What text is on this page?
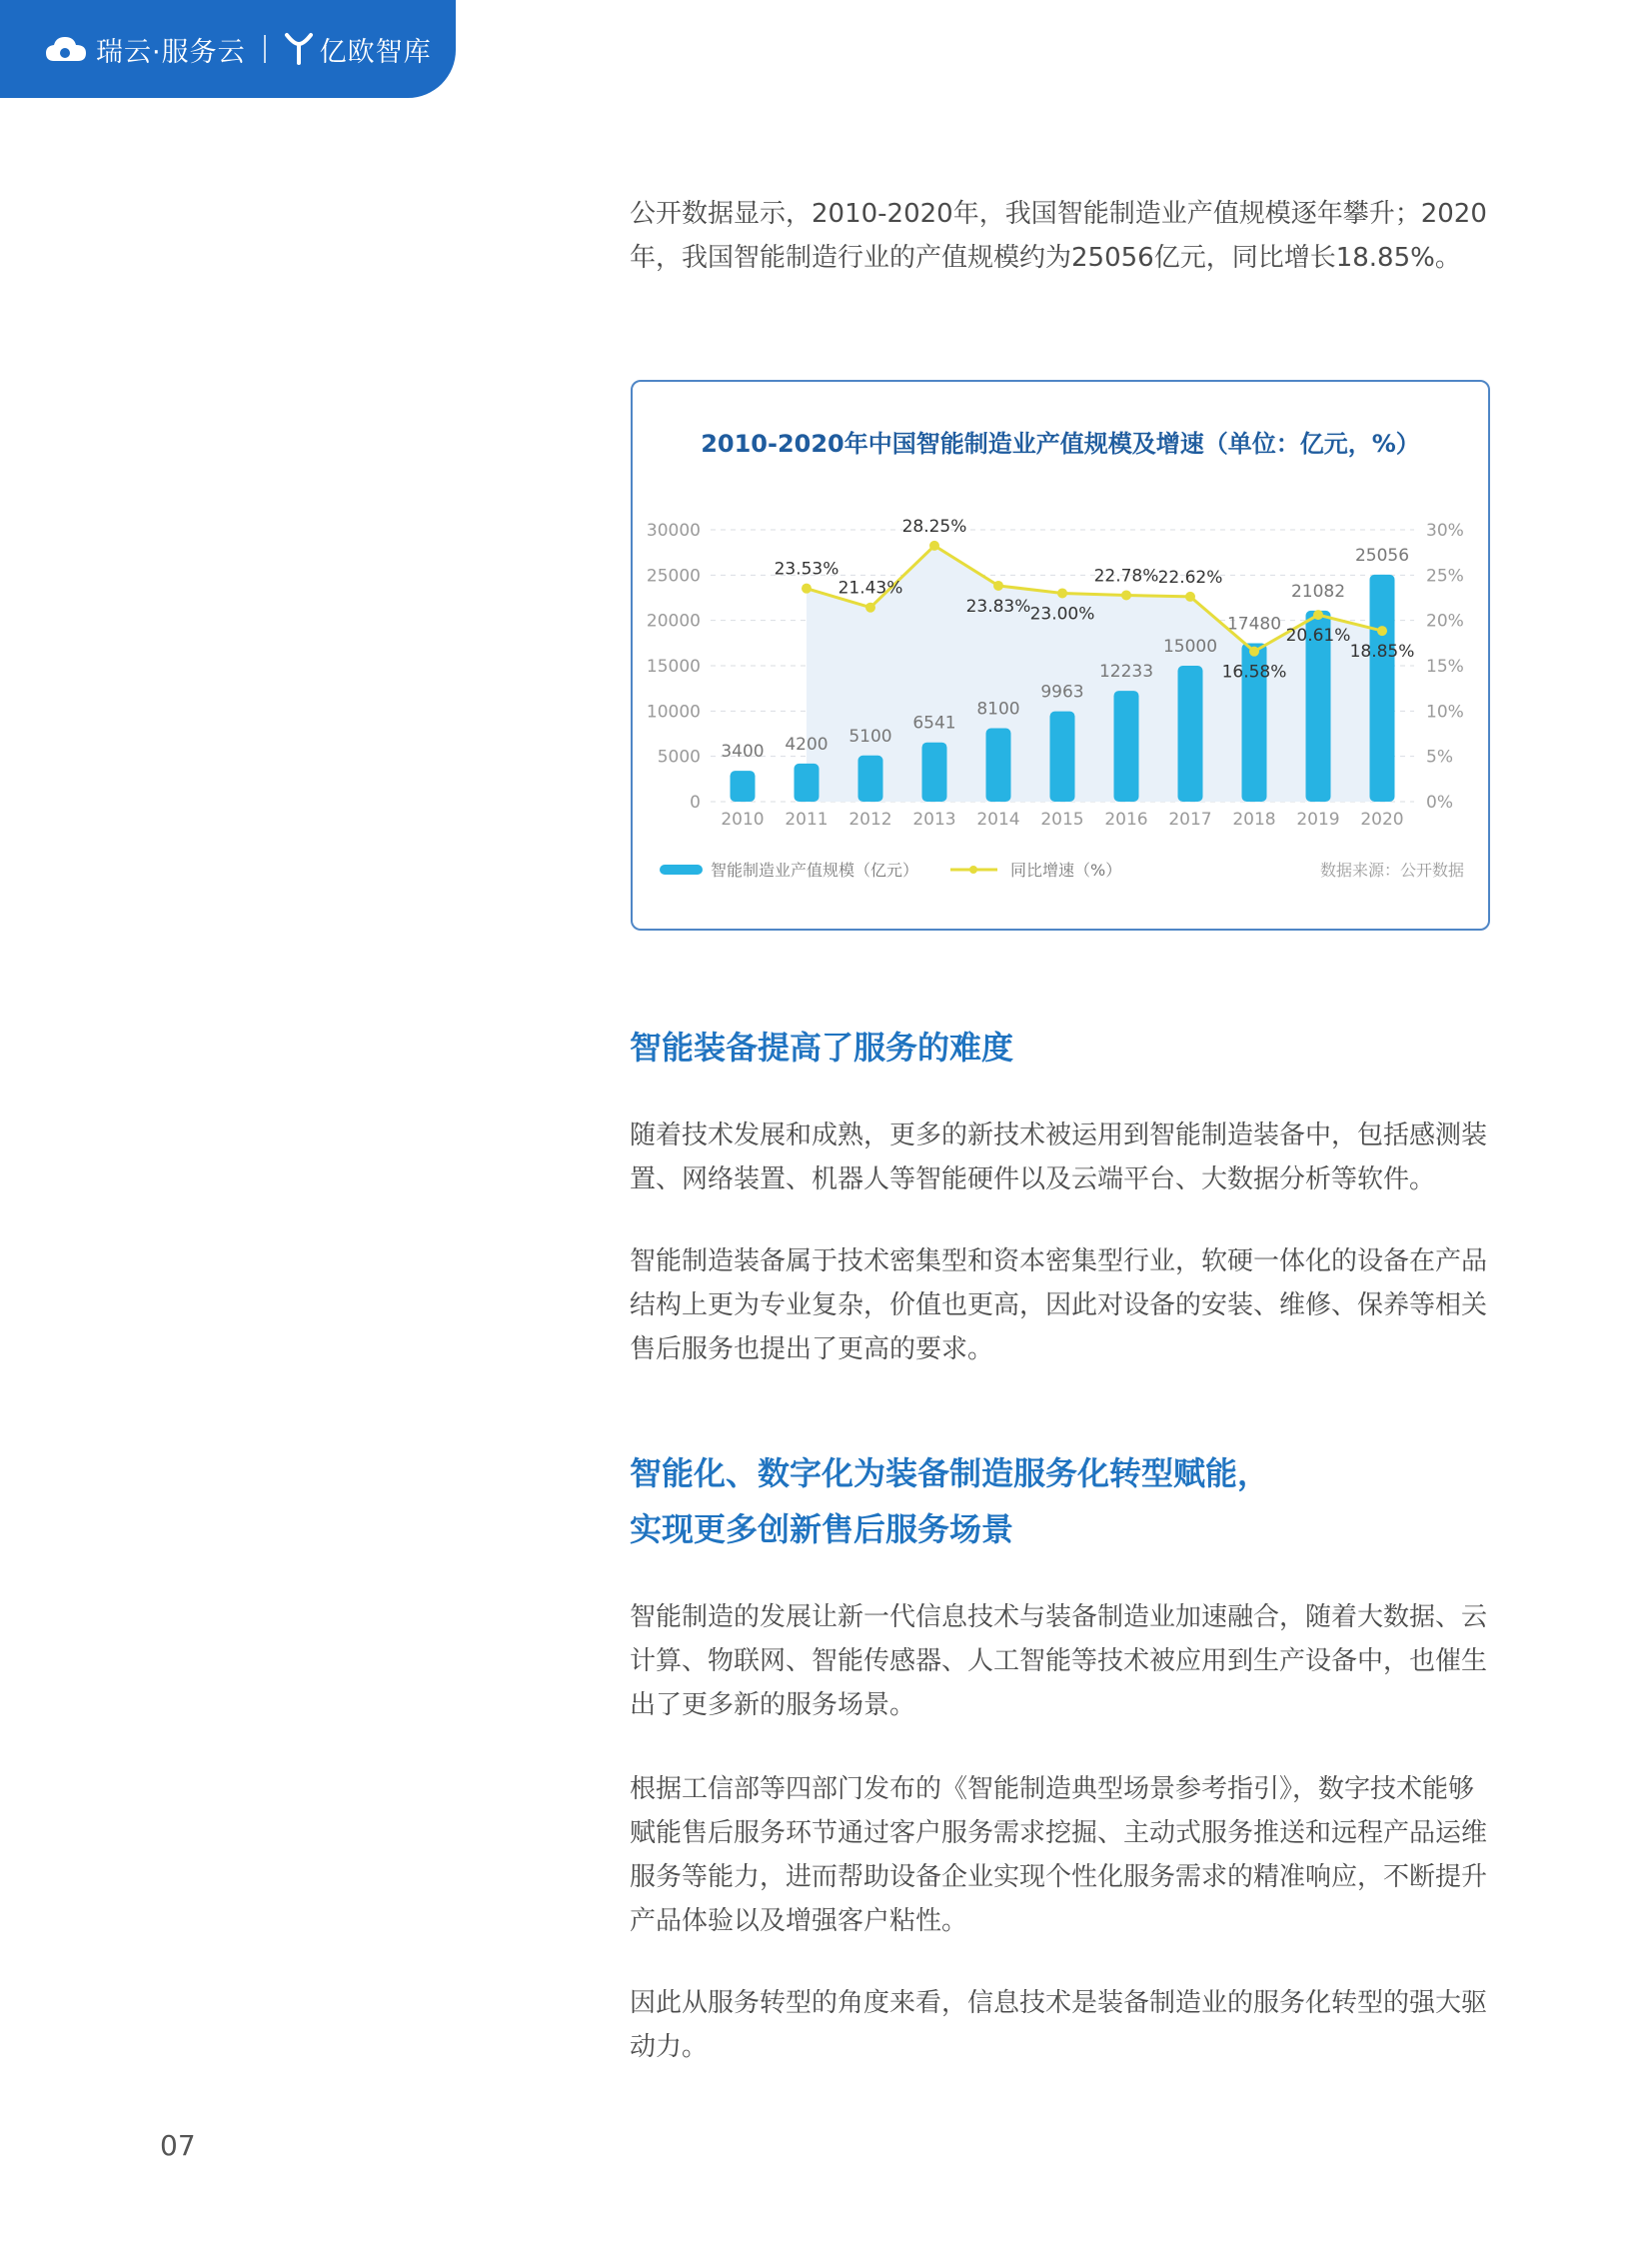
瑞云·服务云	亿欧智库

公开数据显示，2010-2020年，我国智能制造业产值规模逐年攀升；2020年，我国智能制造行业的产值规模约为25056亿元，同比增长18.85%。

2010-2020年中国智能制造业产值规模及增速（单位：亿元，%）
0
5000
10000
15000
20000
25000
30000
0%
5%
10%
15%
20%
25%
30%
3400 4200 5100
6541
8100
9963
12233
15000
17480
21082
25056
2010 2011 2012 2013 2014 2015 2016 2017 2018 2019 2020
23.53%
21.43%
28.25%
23.83% 23.00%
22.78% 22.62%
16.58%
20.61%
18.85%
智能制造业产值规模（亿元）	同比增速（%）	数据来源：公开数据
智能装备提高了服务的难度

随着技术发展和成熟，更多的新技术被运用到智能制造装备中，包括感测装置、网络装置、机器人等智能硬件以及云端平台、大数据分析等软件。

智能制造装备属于技术密集型和资本密集型行业，软硬一体化的设备在产品结构上更为专业复杂，价值也更高，因此对设备的安装、维修、保养等相关售后服务也提出了更高的要求。

智能化、数字化为装备制造服务化转型赋能，
实现更多创新售后服务场景

智能制造的发展让新一代信息技术与装备制造业加速融合，随着大数据、云计算、物联网、智能传感器、人工智能等技术被应用到生产设备中，也催生出了更多新的服务场景。

根据工信部等四部门发布的《智能制造典型场景参考指引》，数字技术能够赋能售后服务环节通过客户服务需求挖掘、主动式服务推送和远程产品运维服务等能力，进而帮助设备企业实现个性化服务需求的精准响应，不断提升产品体验以及增强客户粘性。

因此从服务转型的角度来看，信息技术是装备制造业的服务化转型的强大驱动力。

07
